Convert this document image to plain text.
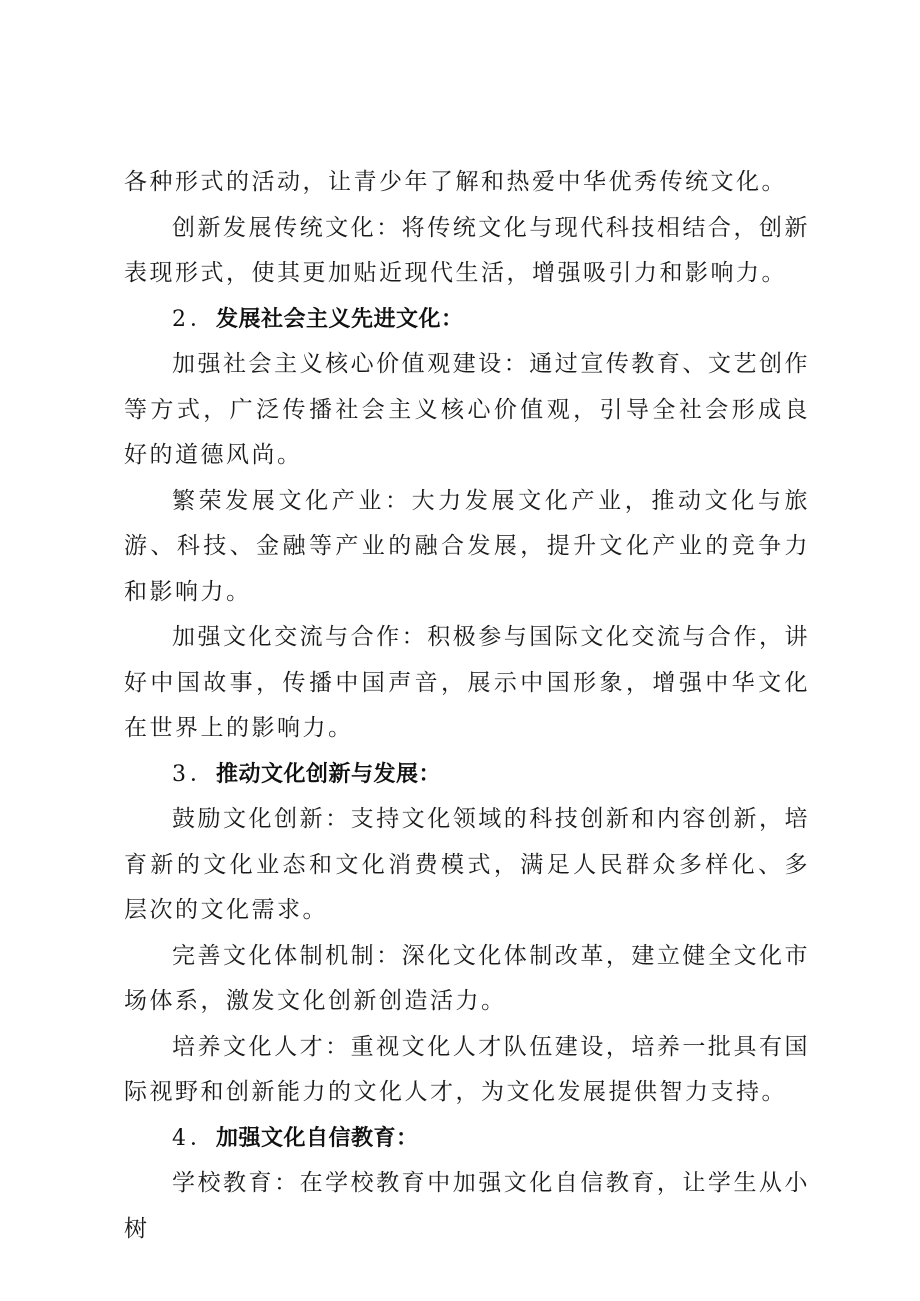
各种形式的活动，让青少年了解和热爱中华优秀传统文化。

创新发展传统文化：将传统文化与现代科技相结合，创新表现形式，使其更加贴近现代生活，增强吸引力和影响力。

2．发展社会主义先进文化：

加强社会主义核心价值观建设：通过宣传教育、文艺创作等方式，广泛传播社会主义核心价值观，引导全社会形成良好的道德风尚。

繁荣发展文化产业：大力发展文化产业，推动文化与旅游、科技、金融等产业的融合发展，提升文化产业的竞争力和影响力。

加强文化交流与合作：积极参与国际文化交流与合作，讲好中国故事，传播中国声音，展示中国形象，增强中华文化在世界上的影响力。

3．推动文化创新与发展：

鼓励文化创新：支持文化领域的科技创新和内容创新，培育新的文化业态和文化消费模式，满足人民群众多样化、多层次的文化需求。

完善文化体制机制：深化文化体制改革，建立健全文化市场体系，激发文化创新创造活力。

培养文化人才：重视文化人才队伍建设，培养一批具有国际视野和创新能力的文化人才，为文化发展提供智力支持。

4．加强文化自信教育：

学校教育：在学校教育中加强文化自信教育，让学生从小树
